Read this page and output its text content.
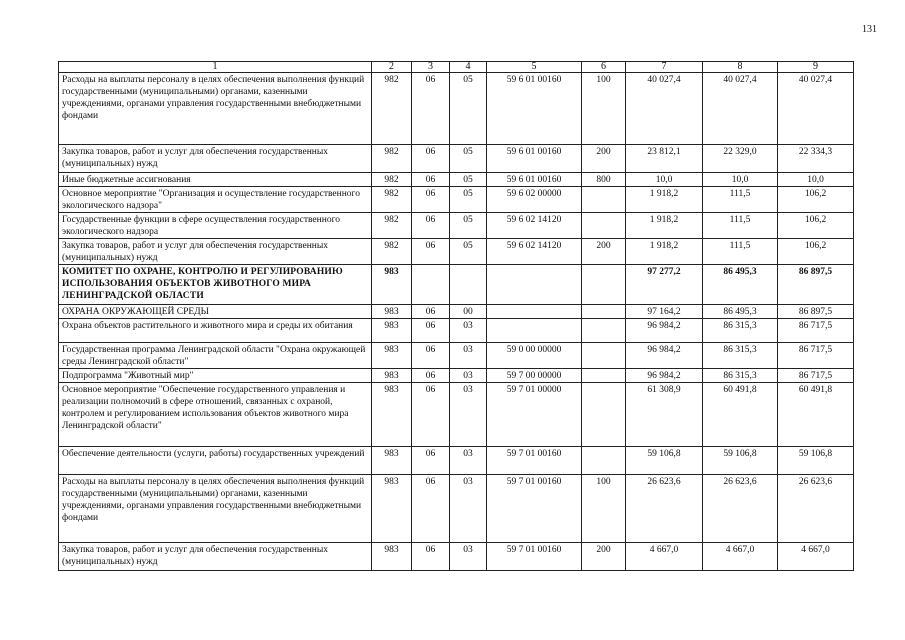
131
1	2	3	4	5	6	7	8	9
Расходы на выплаты персоналу в целях обеспечения выполнения функций государственными (муниципальными) органами, казенными учреждениями, органами управления государственными внебюджетными фондами	982	06	05	59 6 01 00160	100	40 027,4	40 027,4	40 027,4
Закупка товаров, работ и услуг для обеспечения государственных (муниципальных) нужд	982	06	05	59 6 01 00160	200	23 812,1	22 329,0	22 334,3
Иные бюджетные ассигнования	982	06	05	59 6 01 00160	800	10,0	10,0	10,0
Основное мероприятие "Организация и осуществление государственного экологического надзора"	982	06	05	59 6 02 00000		1 918,2	111,5	106,2
Государственные функции в сфере осуществления государственного экологического надзора	982	06	05	59 6 02 14120		1 918,2	111,5	106,2
Закупка товаров, работ и услуг для обеспечения государственных (муниципальных) нужд	982	06	05	59 6 02 14120	200	1 918,2	111,5	106,2
КОМИТЕТ ПО ОХРАНЕ, КОНТРОЛЮ И РЕГУЛИРОВАНИЮ ИСПОЛЬЗОВАНИЯ ОБЪЕКТОВ ЖИВОТНОГО МИРА ЛЕНИНГРАДСКОЙ ОБЛАСТИ	983					97 277,2	86 495,3	86 897,5
ОХРАНА ОКРУЖАЮЩЕЙ СРЕДЫ	983	06	00			97 164,2	86 495,3	86 897,5
Охрана объектов растительного и животного мира и среды их обитания	983	06	03			96 984,2	86 315,3	86 717,5
Государственная программа Ленинградской области "Охрана окружающей среды Ленинградской области"	983	06	03	59 0 00 00000		96 984,2	86 315,3	86 717,5
Подпрограмма "Животный мир"	983	06	03	59 7 00 00000		96 984,2	86 315,3	86 717,5
Основное мероприятие "Обеспечение государственного управления и реализации полномочий в сфере отношений, связанных с охраной, контролем и регулированием использования объектов животного мира Ленинградской области"	983	06	03	59 7 01 00000		61 308,9	60 491,8	60 491,8
Обеспечение деятельности (услуги, работы) государственных учреждений	983	06	03	59 7 01 00160		59 106,8	59 106,8	59 106,8
Расходы на выплаты персоналу в целях обеспечения выполнения функций государственными (муниципальными) органами, казенными учреждениями, органами управления государственными внебюджетными фондами	983	06	03	59 7 01 00160	100	26 623,6	26 623,6	26 623,6
Закупка товаров, работ и услуг для обеспечения государственных (муниципальных) нужд	983	06	03	59 7 01 00160	200	4 667,0	4 667,0	4 667,0
